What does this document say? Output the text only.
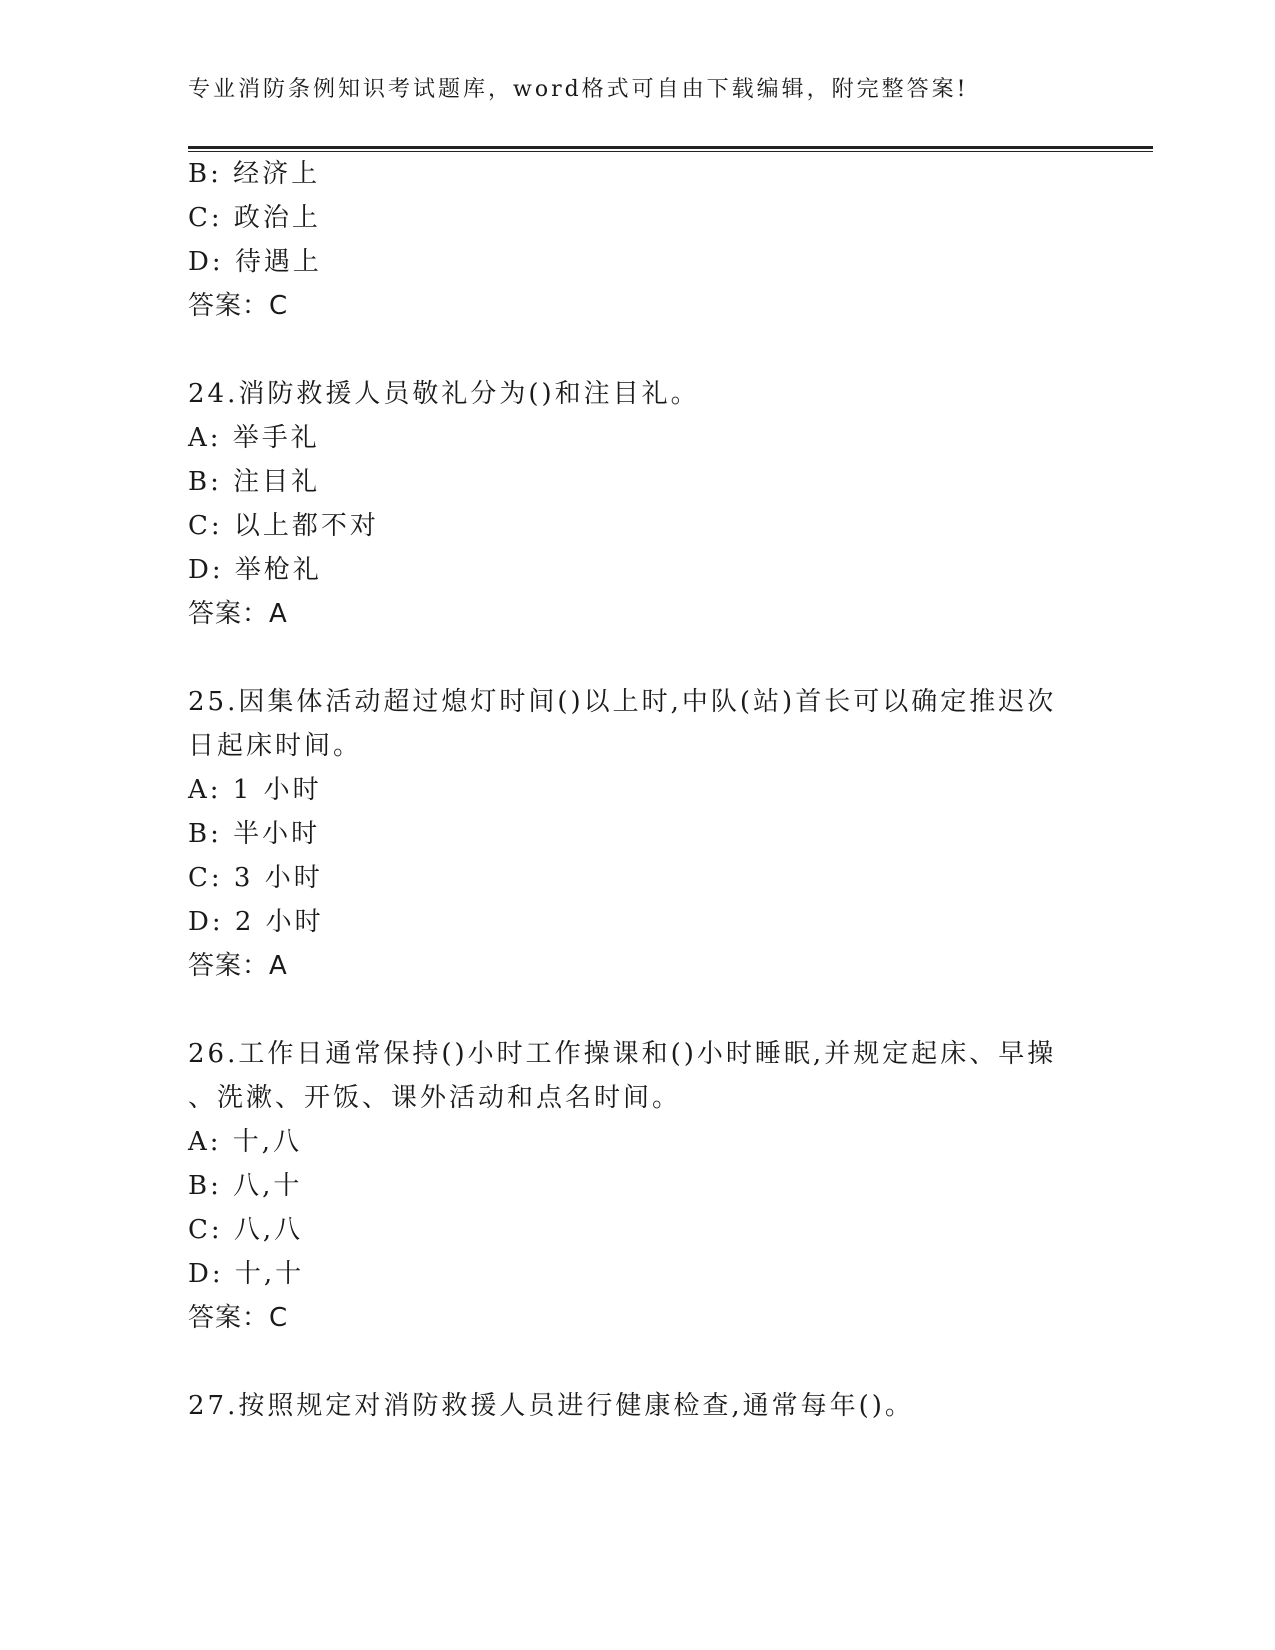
专业消防条例知识考试题库，word格式可自由下载编辑，附完整答案!
B: 经济上
C: 政治上
D: 待遇上
答案：C
24.消防救援人员敬礼分为()和注目礼。
A: 举手礼
B: 注目礼
C: 以上都不对
D: 举枪礼
答案：A
25.因集体活动超过熄灯时间()以上时,中队(站)首长可以确定推迟次
日起床时间。
A: 1 小时
B: 半小时
C: 3 小时
D: 2 小时
答案：A
26.工作日通常保持()小时工作操课和()小时睡眠,并规定起床、早操
、洗漱、开饭、课外活动和点名时间。
A: 十,八
B: 八,十
C: 八,八
D: 十,十
答案：C
27.按照规定对消防救援人员进行健康检查,通常每年()。
